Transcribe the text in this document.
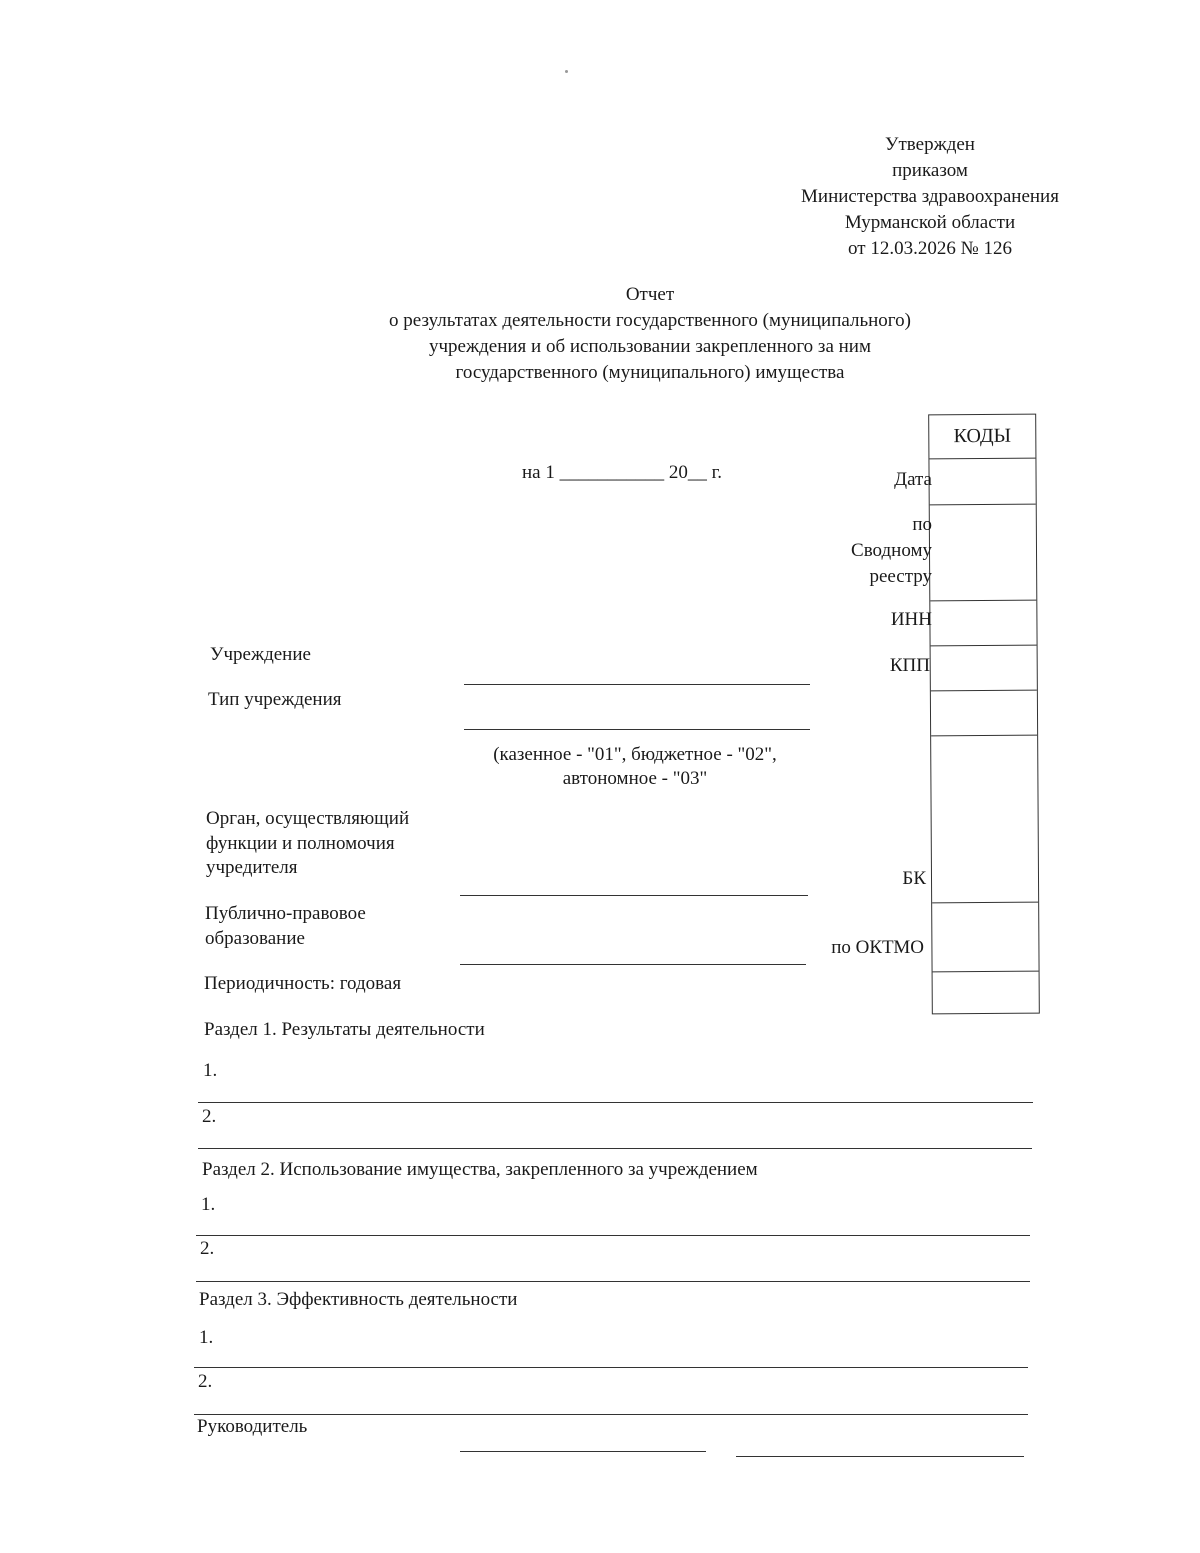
Утвержден
приказом
Министерства здравоохранения
Мурманской области
от 12.03.2026 № 126
Отчет
о результатах деятельности государственного (муниципального)
учреждения и об использовании закрепленного за ним
государственного (муниципального) имущества
на 1 ___________ 20__ г.
КОДЫ
Дата
по
Сводному
реестру
ИНН
КПП
БК
по ОКТМО
Учреждение
Тип учреждения
(казенное - "01", бюджетное - "02",
автономное - "03"
Орган, осуществляющий
функции и полномочия
учредителя
Публично-правовое
образование
Периодичность: годовая
Раздел 1. Результаты деятельности
1.
2.
Раздел 2. Использование имущества, закрепленного за учреждением
1.
2.
Раздел 3. Эффективность деятельности
1.
2.
Руководитель
